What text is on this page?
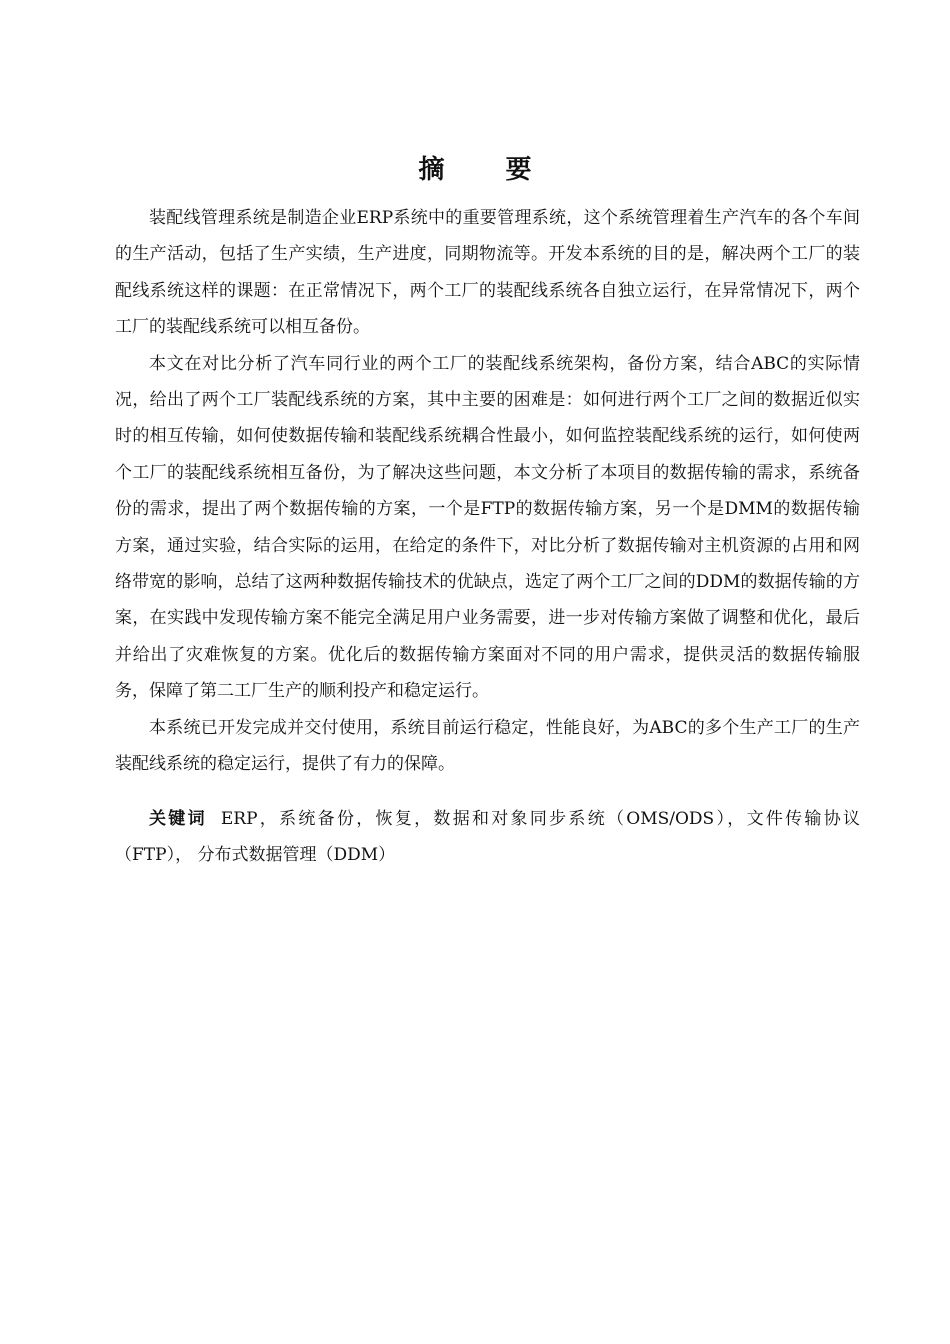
摘 要

装配线管理系统是制造企业ERP系统中的重要管理系统，这个系统管理着生产汽车的各个车间的生产活动，包括了生产实绩，生产进度，同期物流等。开发本系统的目的是，解决两个工厂的装配线系统这样的课题：在正常情况下，两个工厂的装配线系统各自独立运行，在异常情况下，两个工厂的装配线系统可以相互备份。

本文在对比分析了汽车同行业的两个工厂的装配线系统架构，备份方案，结合ABC的实际情况，给出了两个工厂装配线系统的方案，其中主要的困难是：如何进行两个工厂之间的数据近似实时的相互传输，如何使数据传输和装配线系统耦合性最小，如何监控装配线系统的运行，如何使两个工厂的装配线系统相互备份，为了解决这些问题，本文分析了本项目的数据传输的需求，系统备份的需求，提出了两个数据传输的方案，一个是FTP的数据传输方案，另一个是DMM的数据传输方案，通过实验，结合实际的运用，在给定的条件下，对比分析了数据传输对主机资源的占用和网络带宽的影响，总结了这两种数据传输技术的优缺点，选定了两个工厂之间的DDM的数据传输的方案，在实践中发现传输方案不能完全满足用户业务需要，进一步对传输方案做了调整和优化，最后并给出了灾难恢复的方案。优化后的数据传输方案面对不同的用户需求，提供灵活的数据传输服务，保障了第二工厂生产的顺利投产和稳定运行。

本系统已开发完成并交付使用，系统目前运行稳定，性能良好，为ABC的多个生产工厂的生产装配线系统的稳定运行，提供了有力的保障。

关键词 ERP，系统备份，恢复，数据和对象同步系统（OMS/ODS），文件传输协议（FTP）， 分布式数据管理（DDM）
